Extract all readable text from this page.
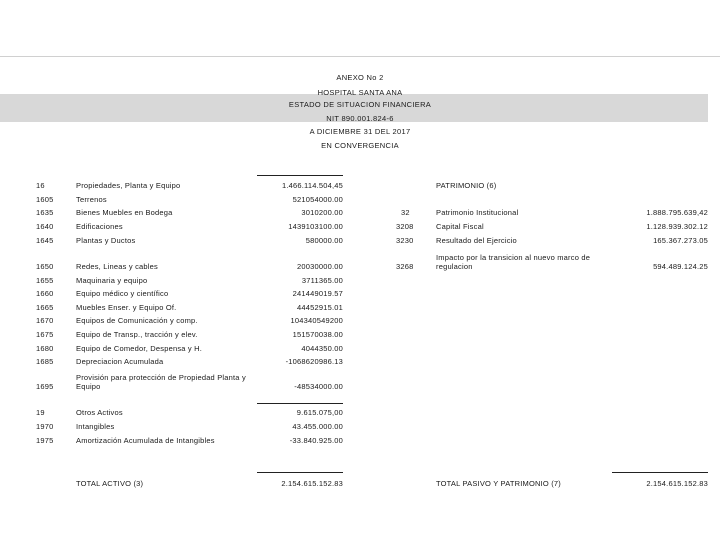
ANEXO No 2
HOSPITAL SANTA ANA
ESTADO DE SITUACION FINANCIERA
NIT 890.001.824-6
A DICIEMBRE 31 DEL 2017
EN CONVERGENCIA
16	Propiedades, Planta y Equipo	1.466.114.504,45
1605	Terrenos	521054000.00
1635	Bienes Muebles en Bodega	3010200.00
1640	Edificaciones	1439103100.00
1645	Plantas y Ductos	580000.00
1650	Redes, Lineas y cables	20030000.00
1655	Maquinaria y equipo	3711365.00
1660	Equipo médico y científico	241449019.57
1665	Muebles Enser. y Equipo Of.	44452915.01
1670	Equipos de Comunicación y comp.	104340549200
1675	Equipo de Transp., tracción y elev.	151570038.00
1680	Equipo de Comedor, Despensa y H.	4044350.00
1685	Depreciacion Acumulada	-1068620986.13
1695
Provisión para protección de Propiedad Planta y Equipo	-48534000.00
19	Otros Activos	9.615.075,00
1970	Intangibles	43.455.000.00
1975	Amortización Acumulada de Intangibles	-33.840.925.00
TOTAL ACTIVO (3)	2.154.615.152.83
PATRIMONIO (6)
32	Patrimonio Institucional	1.888.795.639,42
3208	Capital Fiscal	1.128.939.302.12
3230	Resultado del Ejercicio	165.367.273.05
3268
Impacto por la transicion al nuevo marco de regulacion	594.489.124.25
TOTAL PASIVO Y PATRIMONIO (7)	2.154.615.152.83
